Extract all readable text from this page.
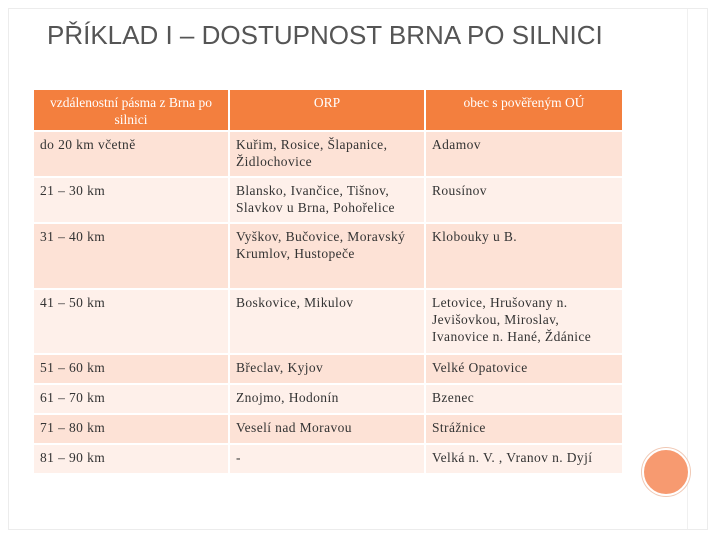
PŘÍKLAD I – DOSTUPNOST BRNA PO SILNICI
vzdálenostní pásma z Brna po silnici	ORP	obec s pověřeným OÚ
do 20 km včetně	Kuřim, Rosice, Šlapanice, Židlochovice	Adamov
21 – 30 km	Blansko, Ivančice, Tišnov, Slavkov u Brna, Pohořelice	Rousínov
31 – 40 km	Vyškov, Bučovice, Moravský Krumlov, Hustopeče	Klobouky u B.
41 – 50 km	Boskovice, Mikulov	Letovice, Hrušovany n. Jevišovkou, Miroslav, Ivanovice n. Hané, Ždánice
51 – 60 km	Břeclav, Kyjov	Velké Opatovice
61 – 70 km	Znojmo, Hodonín	Bzenec
71 – 80 km	Veselí nad Moravou	Strážnice
81 – 90 km	-	Velká n. V. , Vranov n. Dyjí
